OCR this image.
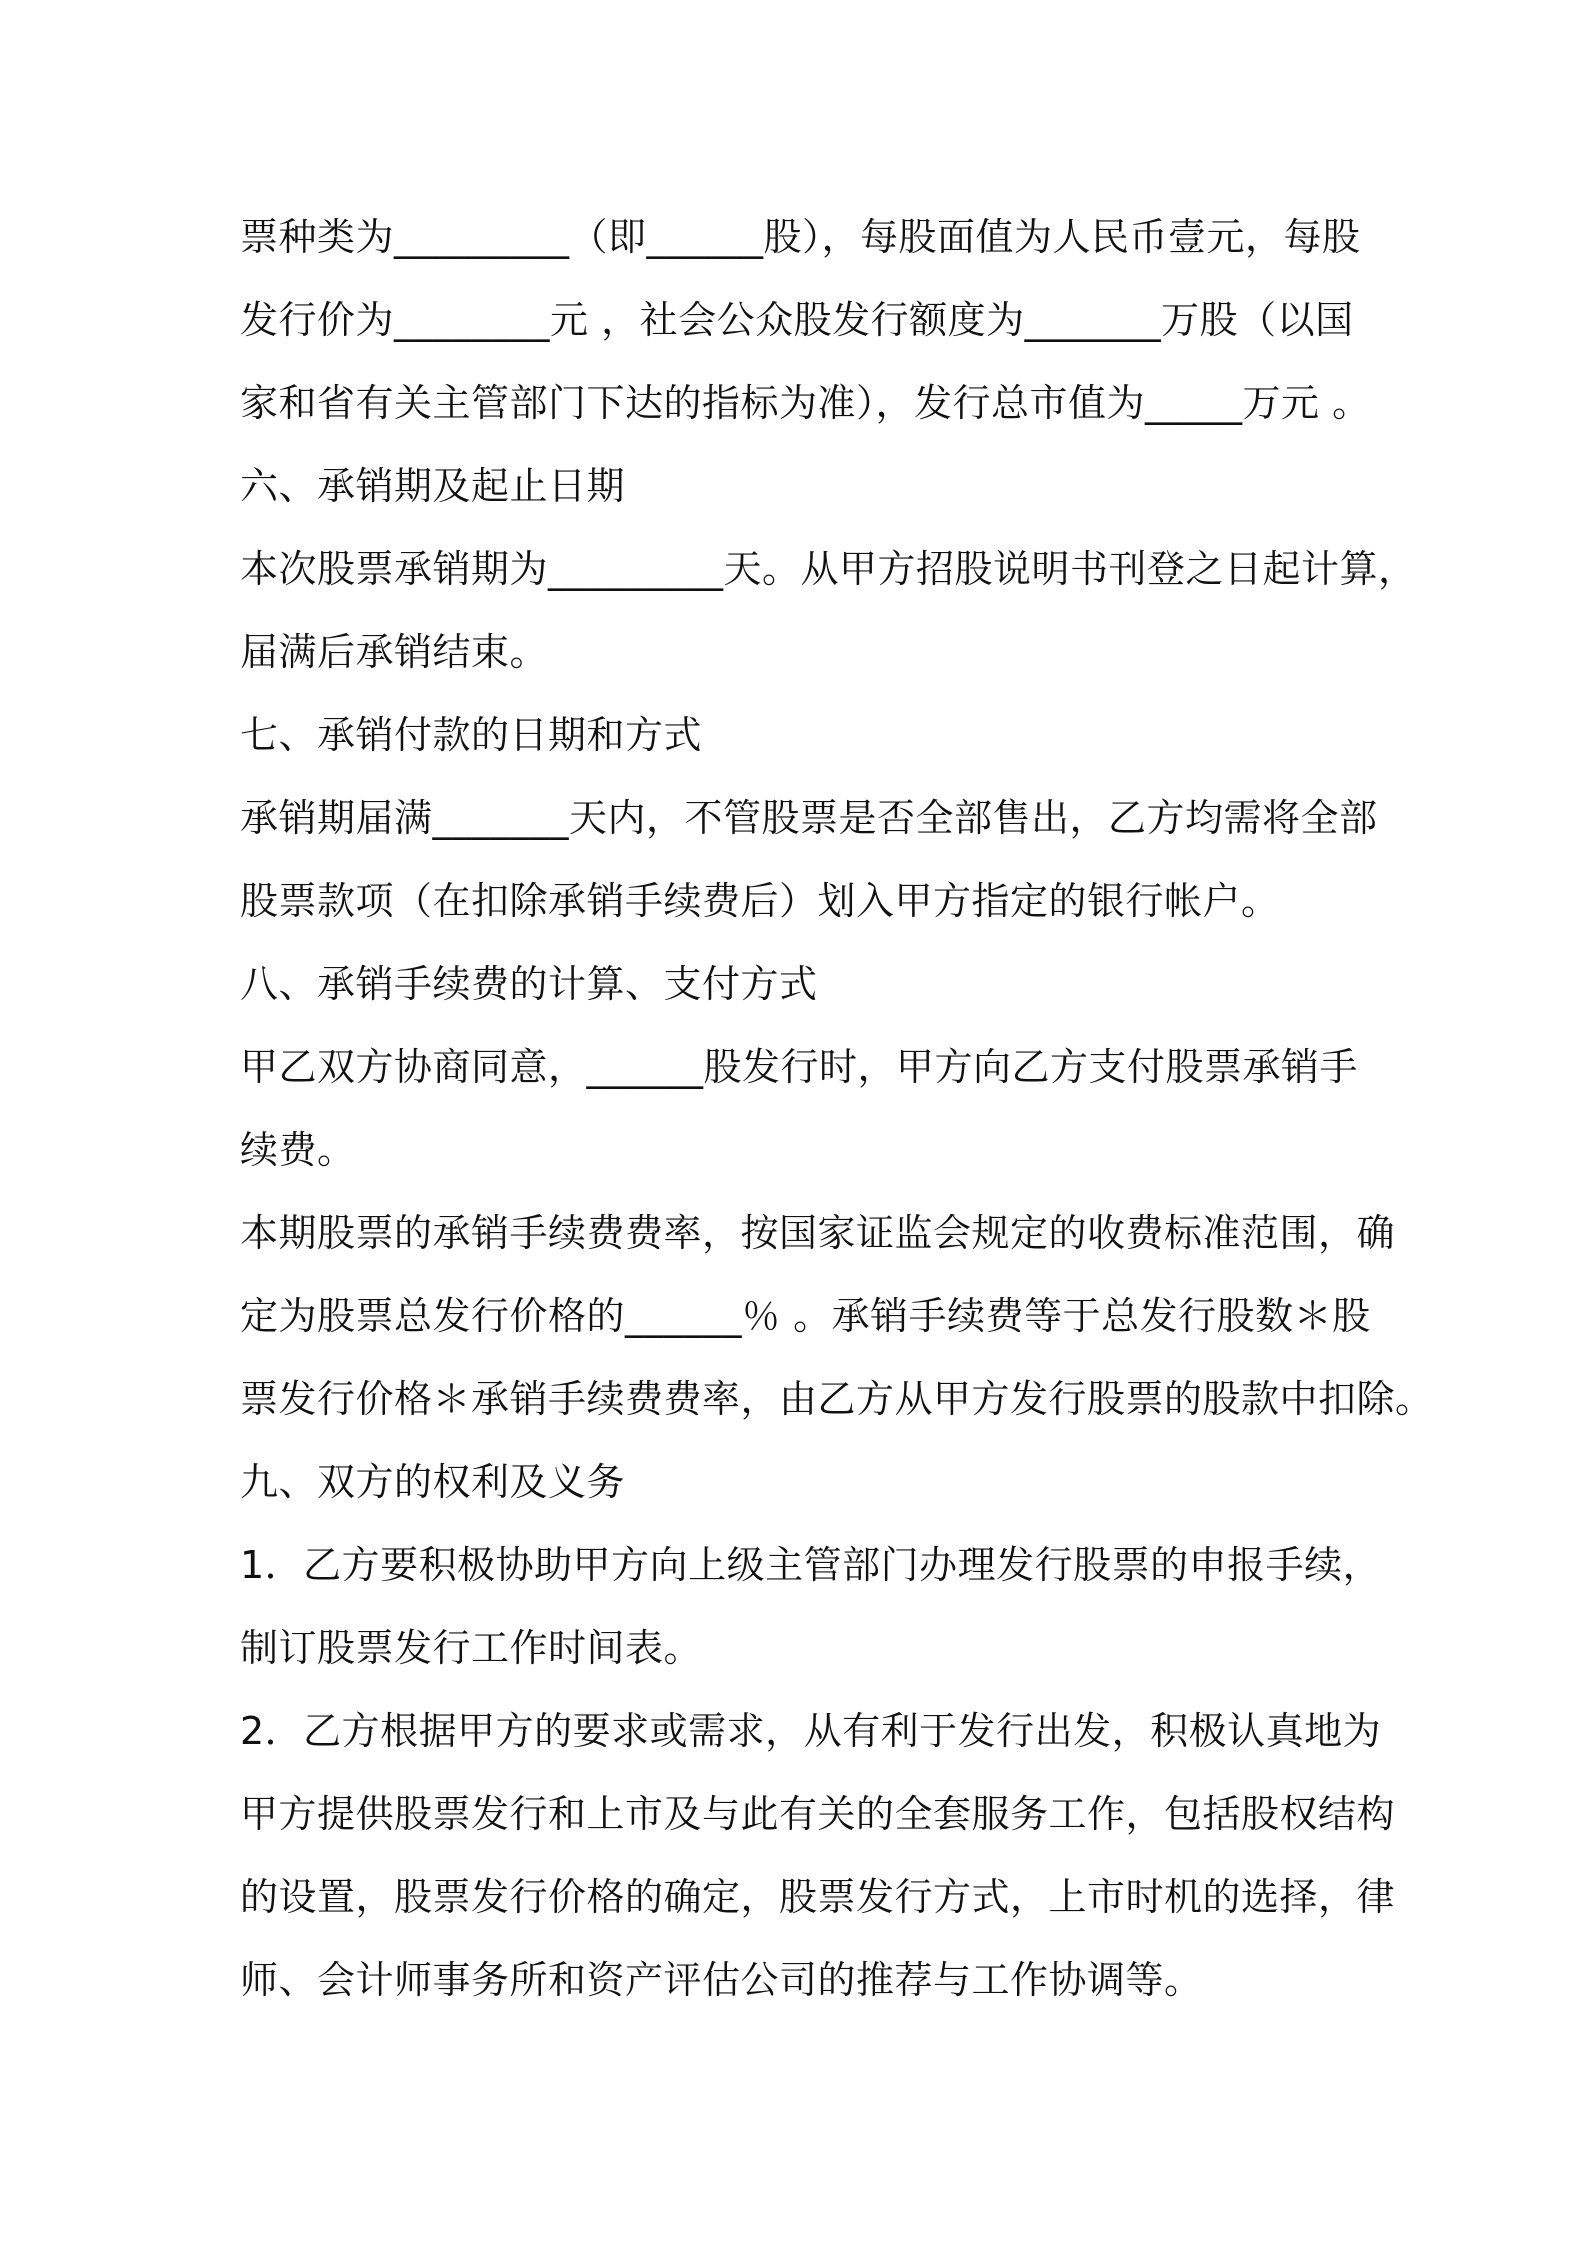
票种类为_________（即______股），每股面值为人民币壹元，每股
发行价为________元 ，社会公众股发行额度为_______万股（以国
家和省有关主管部门下达的指标为准），发行总市值为_____万元 。
六、承销期及起止日期
本次股票承销期为_________天。从甲方招股说明书刊登之日起计算，
届满后承销结束。
七、承销付款的日期和方式
承销期届满_______天内，不管股票是否全部售出，乙方均需将全部
股票款项（在扣除承销手续费后）划入甲方指定的银行帐户。
八、承销手续费的计算、支付方式
甲乙双方协商同意，______股发行时，甲方向乙方支付股票承销手
续费。
本期股票的承销手续费费率，按国家证监会规定的收费标准范围，确
定为股票总发行价格的______％ 。承销手续费等于总发行股数＊股
票发行价格＊承销手续费费率，由乙方从甲方发行股票的股款中扣除。
九、双方的权利及义务
1．乙方要积极协助甲方向上级主管部门办理发行股票的申报手续，
制订股票发行工作时间表。
2．乙方根据甲方的要求或需求，从有利于发行出发，积极认真地为
甲方提供股票发行和上市及与此有关的全套服务工作，包括股权结构
的设置，股票发行价格的确定，股票发行方式，上市时机的选择，律
师、会计师事务所和资产评估公司的推荐与工作协调等。
